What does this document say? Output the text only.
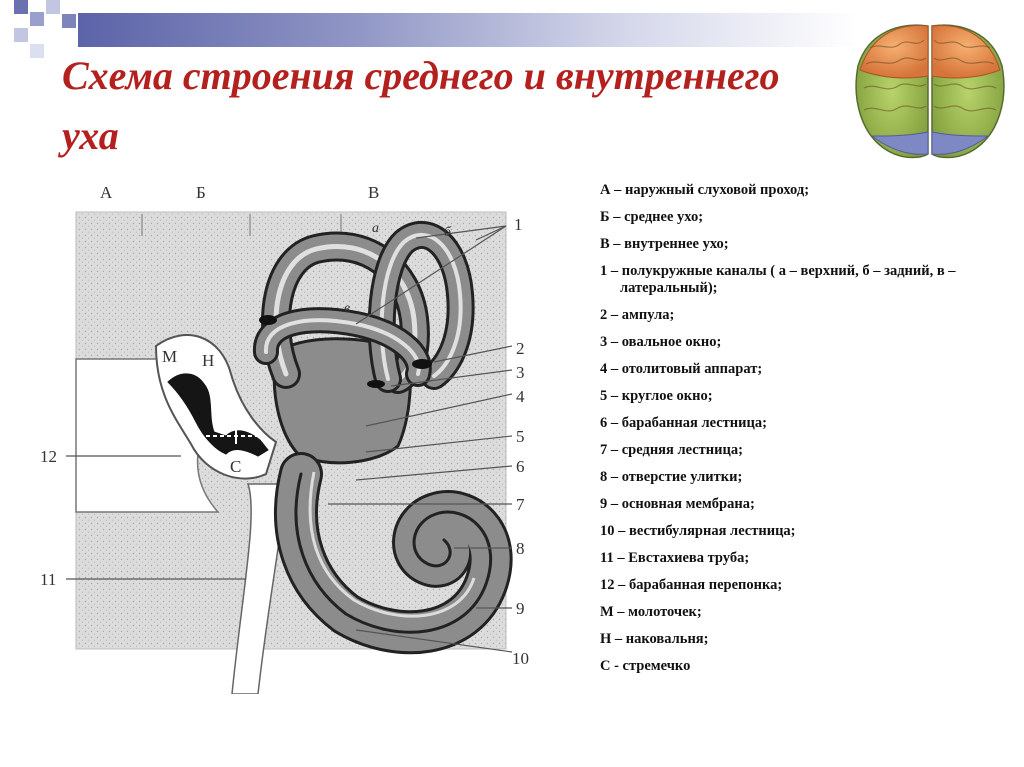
Схема строения среднего и внутреннего уха
А	Б	В
1
2
3
4
5
6
7
8
9
10
11
12
а	б
в
М Н
С
А – наружный слуховой проход;
Б – среднее ухо;
В – внутреннее ухо;
1 – полукружные каналы ( а – верхний, б – задний, в – латеральный);
2 – ампула;
3 – овальное окно;
4 – отолитовый аппарат;
5 – круглое окно;
6 – барабанная лестница;
7 – средняя лестница;
8 – отверстие улитки;
9 – основная мембрана;
10 – вестибулярная лестница;
11 – Евстахиева труба;
12 – барабанная перепонка;
М – молоточек;
Н – наковальня;
С - стремечко
